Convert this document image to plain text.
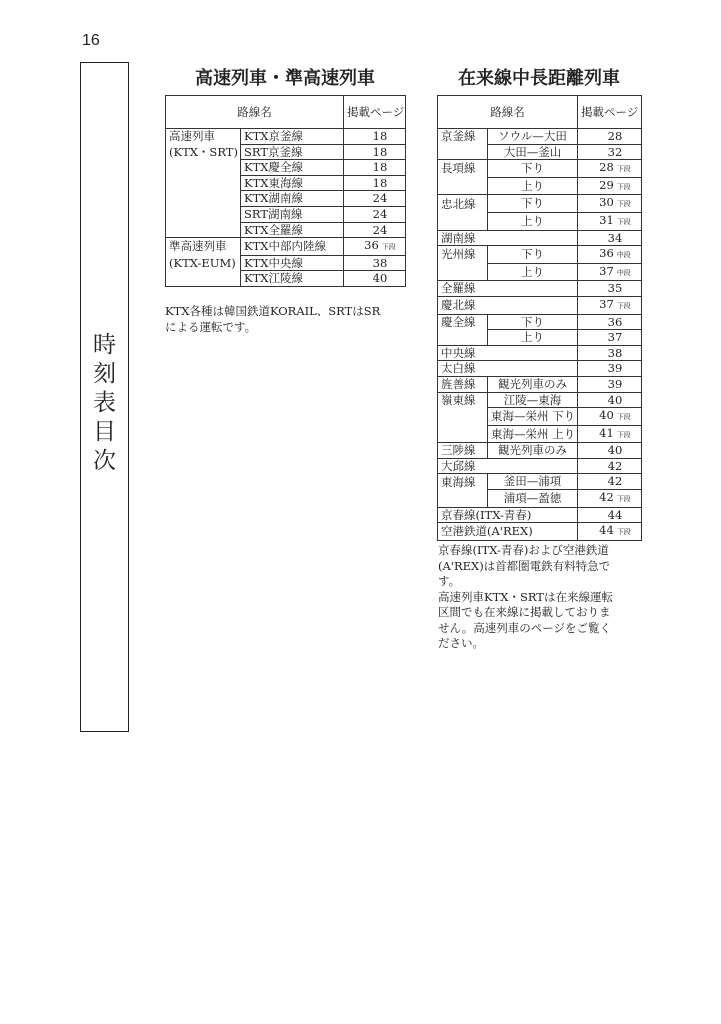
16
時
刻
表
目
次
高速列車・準高速列車	在来線中長距離列車
路線名		掲載ページ
高速列車	KTX京釜線	18
(KTX・SRT)	SRT京釜線	18
	KTX慶全線	18
	KTX東海線	18
	KTX湖南線	24
	SRT湖南線	24
	KTX全羅線	24
準高速列車	KTX中部内陸線	36 下段
(KTX-EUM)	KTX中央線	38
	KTX江陵線	40
路線名		掲載ページ
京釜線	ソウル—大田	28
	大田—釜山	32
長項線	下り	28 下段
	上り	29 下段
忠北線	下り	30 下段
	上り	31 下段
湖南線		34
光州線	下り	36 中段
	上り	37 中段
全羅線		35
慶北線		37 下段
慶全線	下り	36
	上り	37
中央線		38
太白線		39
旌善線	観光列車のみ	39
嶺東線	江陵—東海	40
	東海—栄州 下り	40 下段
	東海—栄州 上り	41 下段
三陟線	観光列車のみ	40
大邱線		42
東海線	釜田—浦項	42
	浦項—盈徳	42 下段
京春線(ITX-青春)		44
空港鉄道(A'REX)		44 下段
KTX各種は韓国鉄道KORAIL、SRTはSR
による運転です。
京春線(ITX-青春)および空港鉄道
(A'REX)は首都圏電鉄有料特急で
す。
高速列車KTX・SRTは在来線運転
区間でも在来線に掲載しておりま
せん。高速列車のページをご覧く
ださい。
